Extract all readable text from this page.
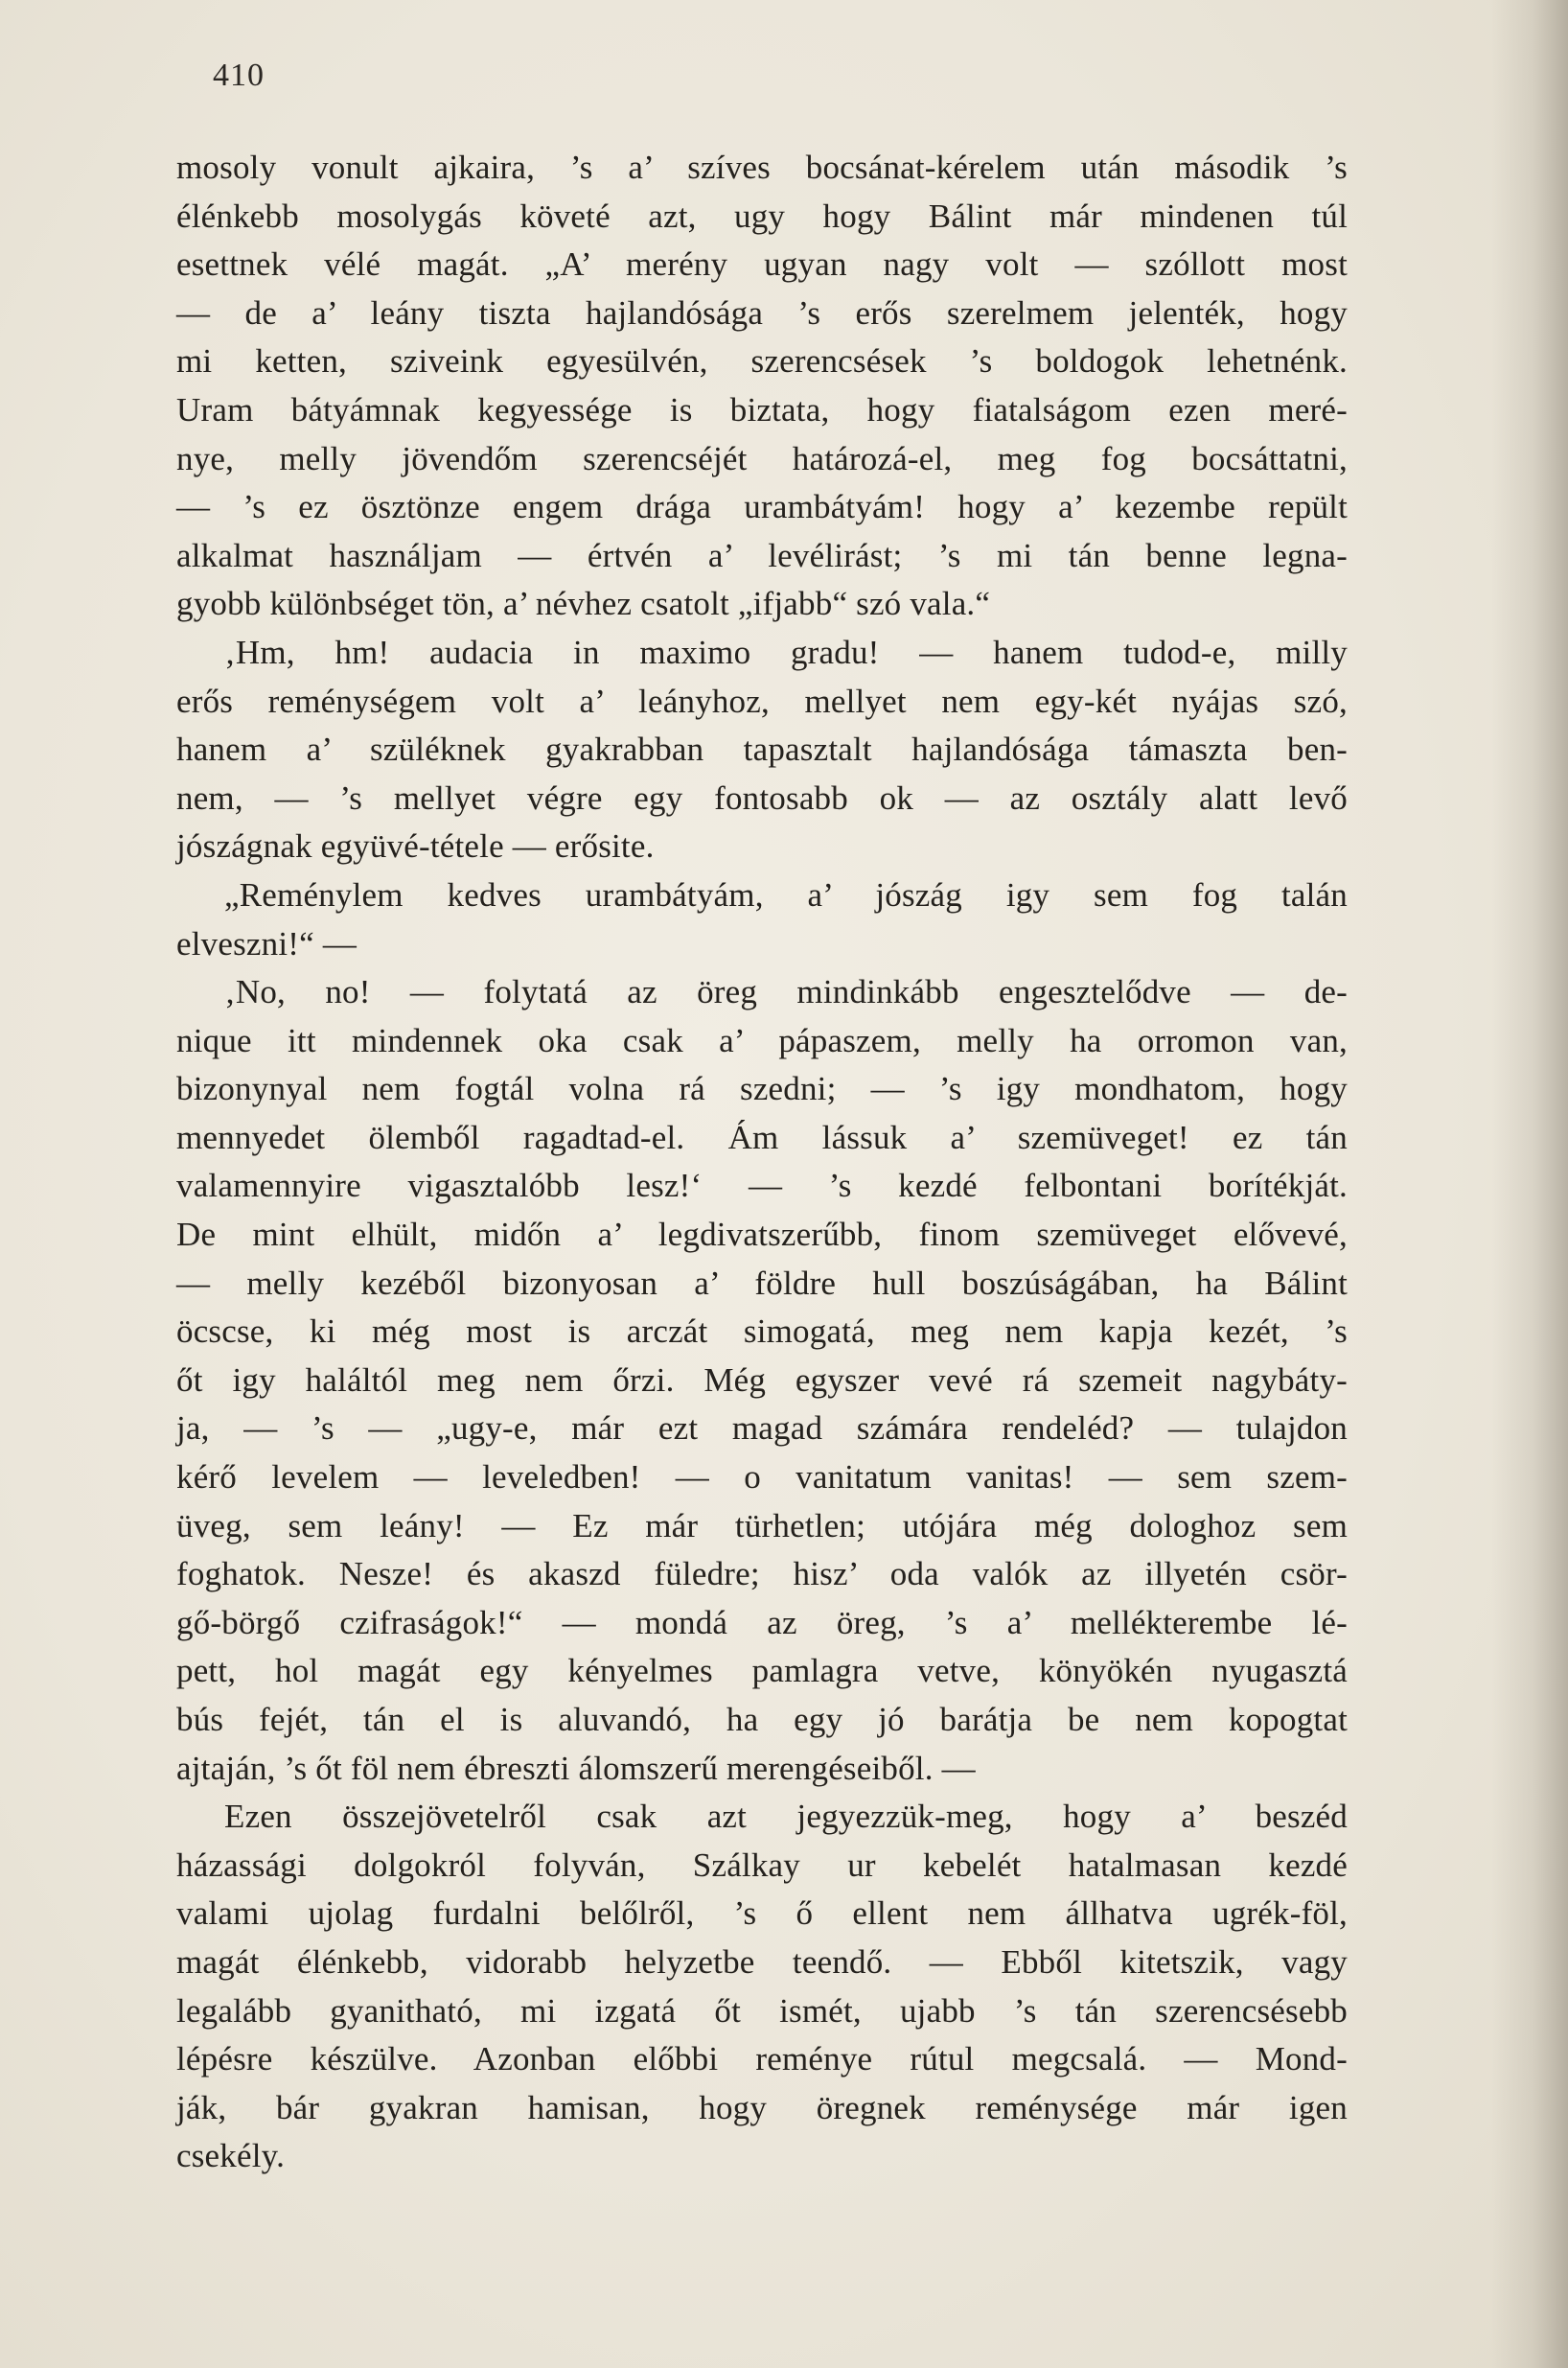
410
mosoly vonult ajkaira, ’s a’ szíves bocsánat-kérelem után második ’s
élénkebb mosolygás követé azt, ugy hogy Bálint már mindenen túl
esettnek vélé magát. „A’ merény ugyan nagy volt — szóllott most
— de a’ leány tiszta hajlandósága ’s erős szerelmem jelenték, hogy
mi ketten, sziveink egyesülvén, szerencsések ’s boldogok lehetnénk.
Uram bátyámnak kegyessége is biztata, hogy fiatalságom ezen meré-
nye, melly jövendőm szerencséjét határozá-el, meg fog bocsáttatni,
— ’s ez ösztönze engem drága urambátyám! hogy a’ kezembe repült
alkalmat használjam — értvén a’ levélirást; ’s mi tán benne legna-
gyobb különbséget tön, a’ névhez csatolt „ifjabb“ szó vala.“
‚Hm, hm! audacia in maximo gradu! — hanem tudod-e, milly
erős reménységem volt a’ leányhoz, mellyet nem egy-két nyájas szó,
hanem a’ szüléknek gyakrabban tapasztalt hajlandósága támaszta ben-
nem, — ’s mellyet végre egy fontosabb ok — az osztály alatt levő
jószágnak együvé-tétele — erősite.
„Reménylem kedves urambátyám, a’ jószág igy sem fog talán
elveszni!“ —
‚No, no! — folytatá az öreg mindinkább engesztelődve — de-
nique itt mindennek oka csak a’ pápaszem, melly ha orromon van,
bizonynyal nem fogtál volna rá szedni; — ’s igy mondhatom, hogy
mennyedet ölemből ragadtad-el. Ám lássuk a’ szemüveget! ez tán
valamennyire vigasztalóbb lesz!‘ — ’s kezdé felbontani borítékját.
De mint elhült, midőn a’ legdivatszerűbb, finom szemüveget elővevé,
— melly kezéből bizonyosan a’ földre hull boszúságában, ha Bálint
öcscse, ki még most is arczát simogatá, meg nem kapja kezét, ’s
őt igy haláltól meg nem őrzi. Még egyszer vevé rá szemeit nagybáty-
ja, — ’s — „ugy-e, már ezt magad számára rendeléd? — tulajdon
kérő levelem — leveledben! — o vanitatum vanitas! — sem szem-
üveg, sem leány! — Ez már türhetlen; utójára még dologhoz sem
foghatok. Nesze! és akaszd füledre; hisz’ oda valók az illyetén csör-
gő-börgő czifraságok!“ — mondá az öreg, ’s a’ mellékterembe lé-
pett, hol magát egy kényelmes pamlagra vetve, könyökén nyugasztá
bús fejét, tán el is aluvandó, ha egy jó barátja be nem kopogtat
ajtaján, ’s őt föl nem ébreszti álomszerű merengéseiből. —
Ezen összejövetelről csak azt jegyezzük-meg, hogy a’ beszéd
házassági dolgokról folyván, Szálkay ur kebelét hatalmasan kezdé
valami ujolag furdalni belőlről, ’s ő ellent nem állhatva ugrék-föl,
magát élénkebb, vidorabb helyzetbe teendő. — Ebből kitetszik, vagy
legalább gyanitható, mi izgatá őt ismét, ujabb ’s tán szerencsésebb
lépésre készülve. Azonban előbbi reménye rútul megcsalá. — Mond-
ják, bár gyakran hamisan, hogy öregnek reménysége már igen
csekély.
